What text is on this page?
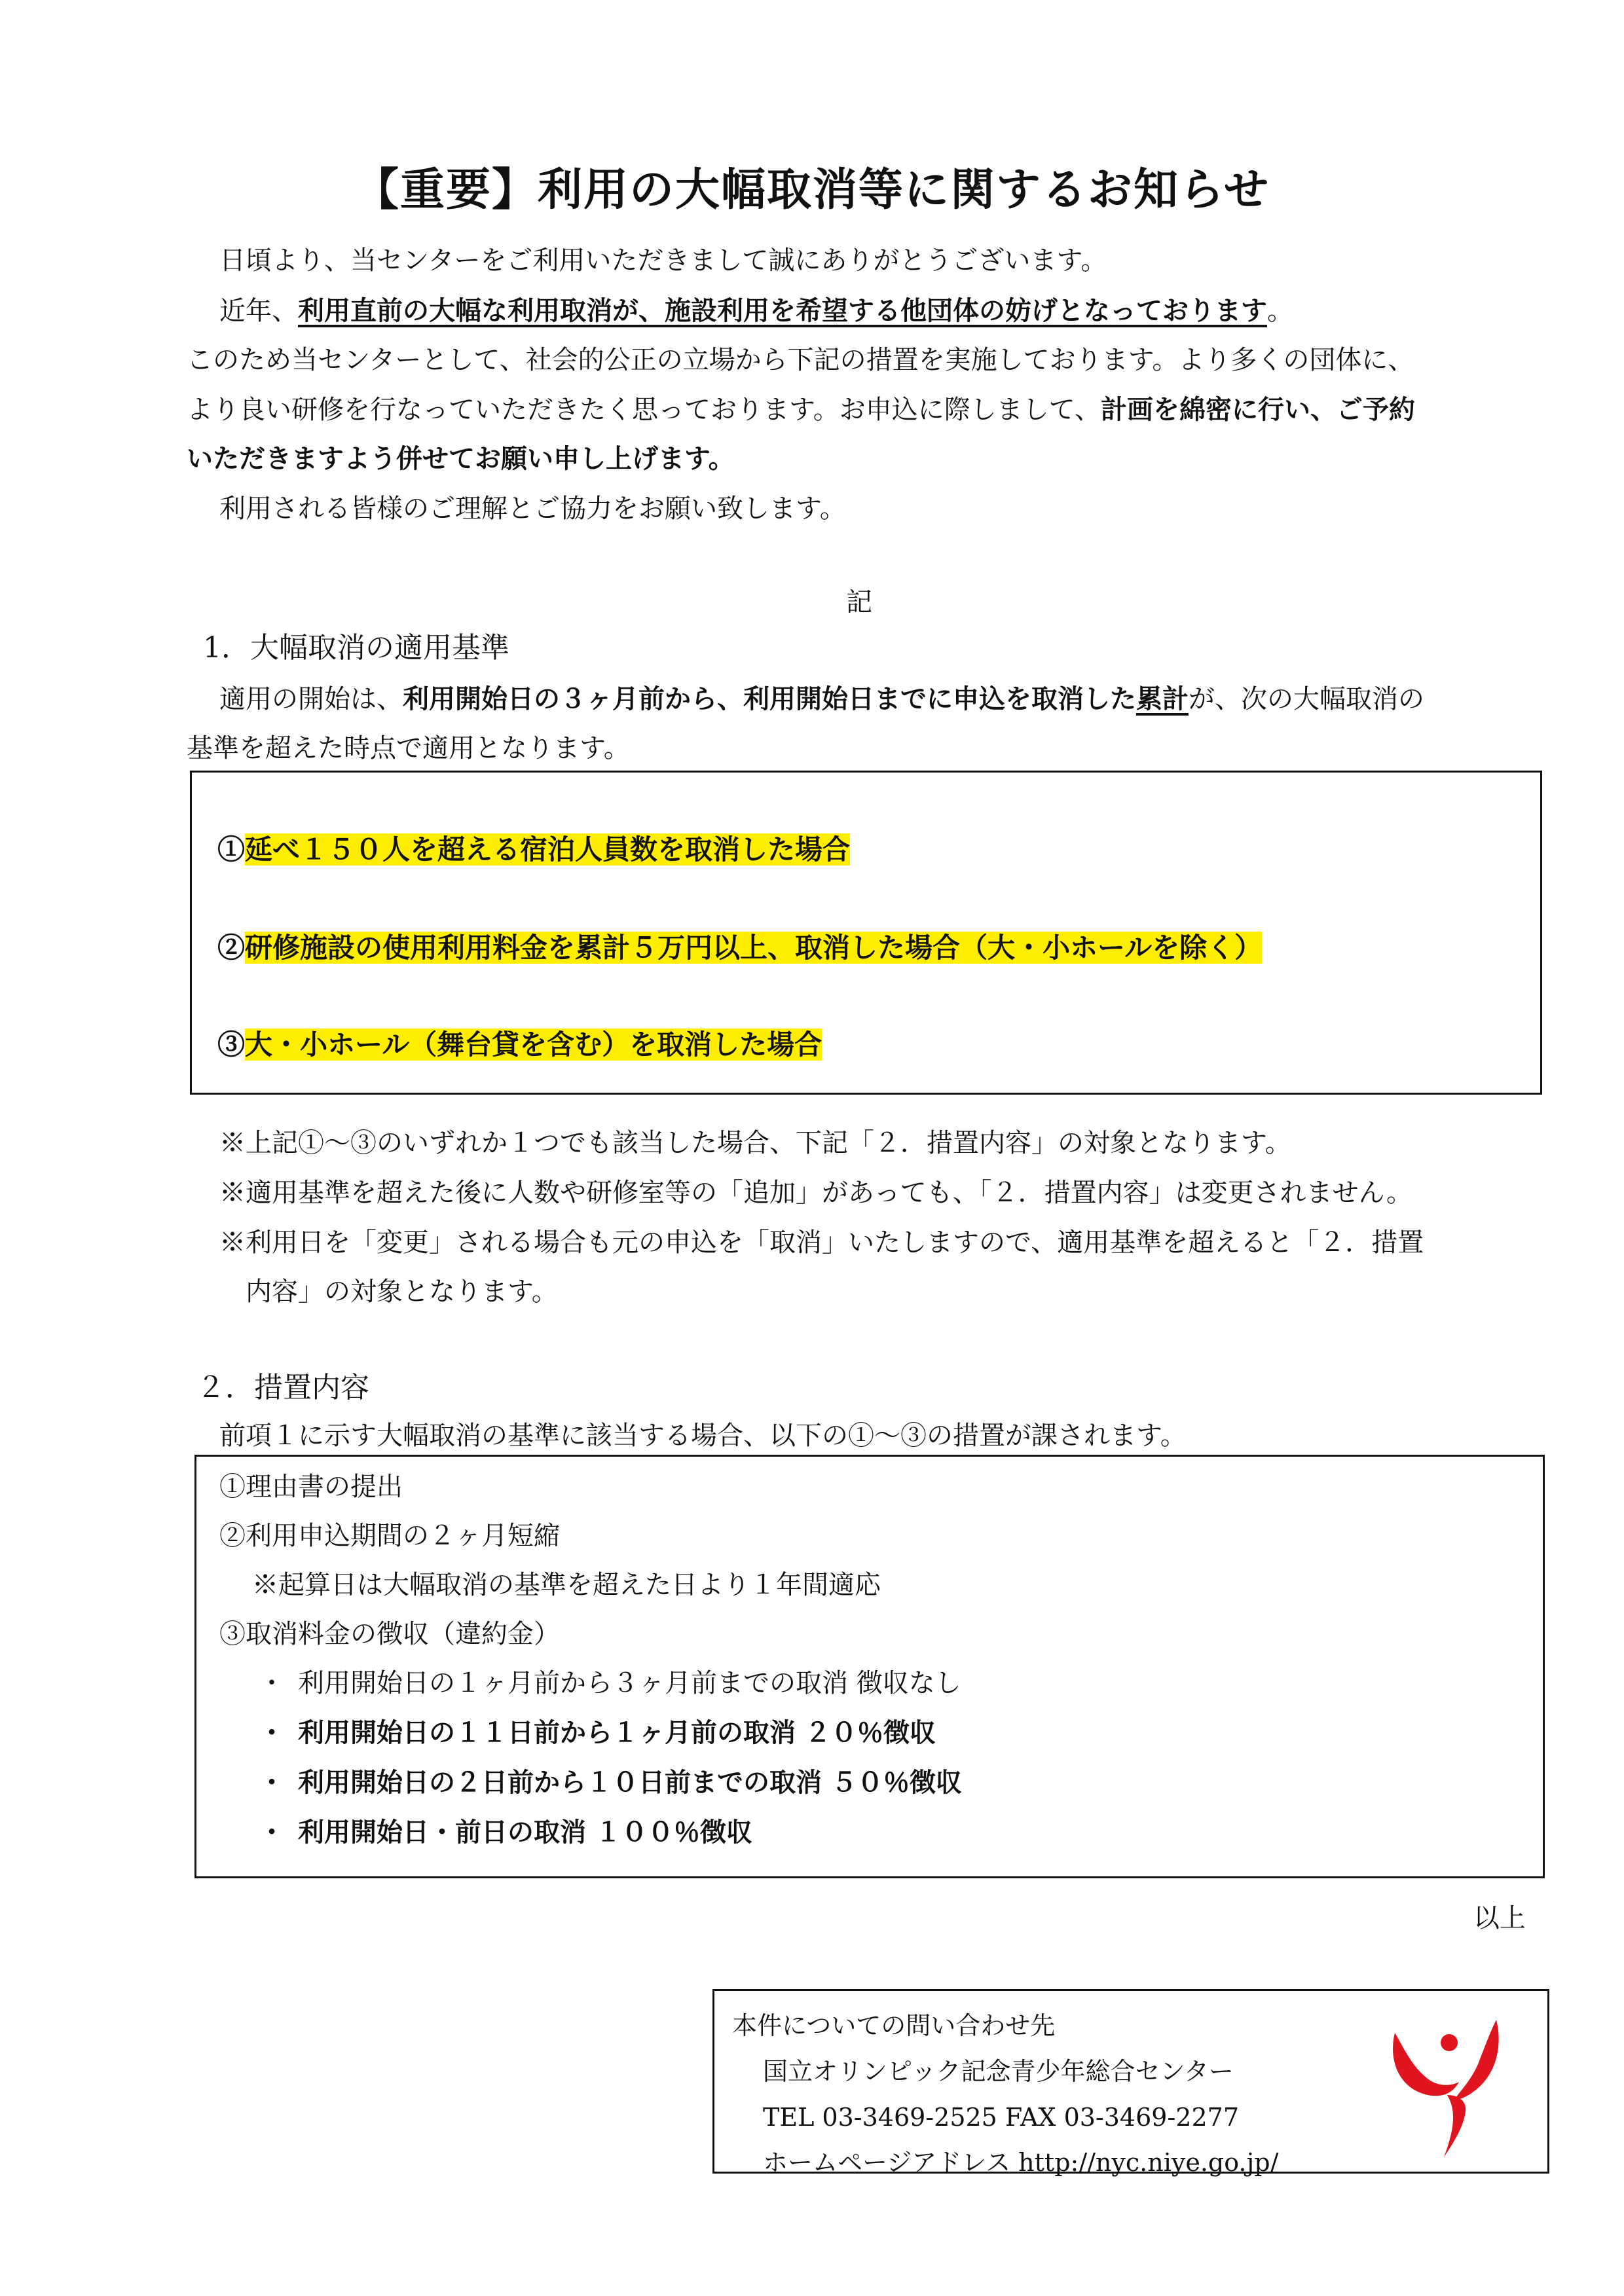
【重要】利用の大幅取消等に関するお知らせ
日頃より、当センターをご利用いただきまして誠にありがとうございます。
近年、利用直前の大幅な利用取消が、施設利用を希望する他団体の妨げとなっております。
このため当センターとして、社会的公正の立場から下記の措置を実施しております。より多くの団体に、
より良い研修を行なっていただきたく思っております。お申込に際しまして、計画を綿密に行い、ご予約
いただきますよう併せてお願い申し上げます。
利用される皆様のご理解とご協力をお願い致します。
記
1．大幅取消の適用基準
適用の開始は、利用開始日の３ヶ月前から、利用開始日までに申込を取消した累計が、次の大幅取消の
基準を超えた時点で適用となります。
①延べ１５０人を超える宿泊人員数を取消した場合
②研修施設の使用利用料金を累計５万円以上、取消した場合（大・小ホールを除く）
③大・小ホール（舞台貸を含む）を取消した場合
※上記①～③のいずれか１つでも該当した場合、下記「２．措置内容」の対象となります。
※適用基準を超えた後に人数や研修室等の「追加」があっても、「２．措置内容」は変更されません。
※利用日を「変更」される場合も元の申込を「取消」いたしますので、適用基準を超えると「２．措置
内容」の対象となります。
２．措置内容
前項１に示す大幅取消の基準に該当する場合、以下の①～③の措置が課されます。
①理由書の提出
②利用申込期間の２ヶ月短縮
※起算日は大幅取消の基準を超えた日より１年間適応
③取消料金の徴収（違約金）
・ 利用開始日の１ヶ月前から３ヶ月前までの取消 徴収なし
・ 利用開始日の１１日前から１ヶ月前の取消 ２０％徴収
・ 利用開始日の２日前から１０日前までの取消 ５０％徴収
・ 利用開始日・前日の取消 １００％徴収
以上
本件についての問い合わせ先
国立オリンピック記念青少年総合センター
TEL 03-3469-2525 FAX 03-3469-2277
ホームページアドレス http://nyc.niye.go.jp/
